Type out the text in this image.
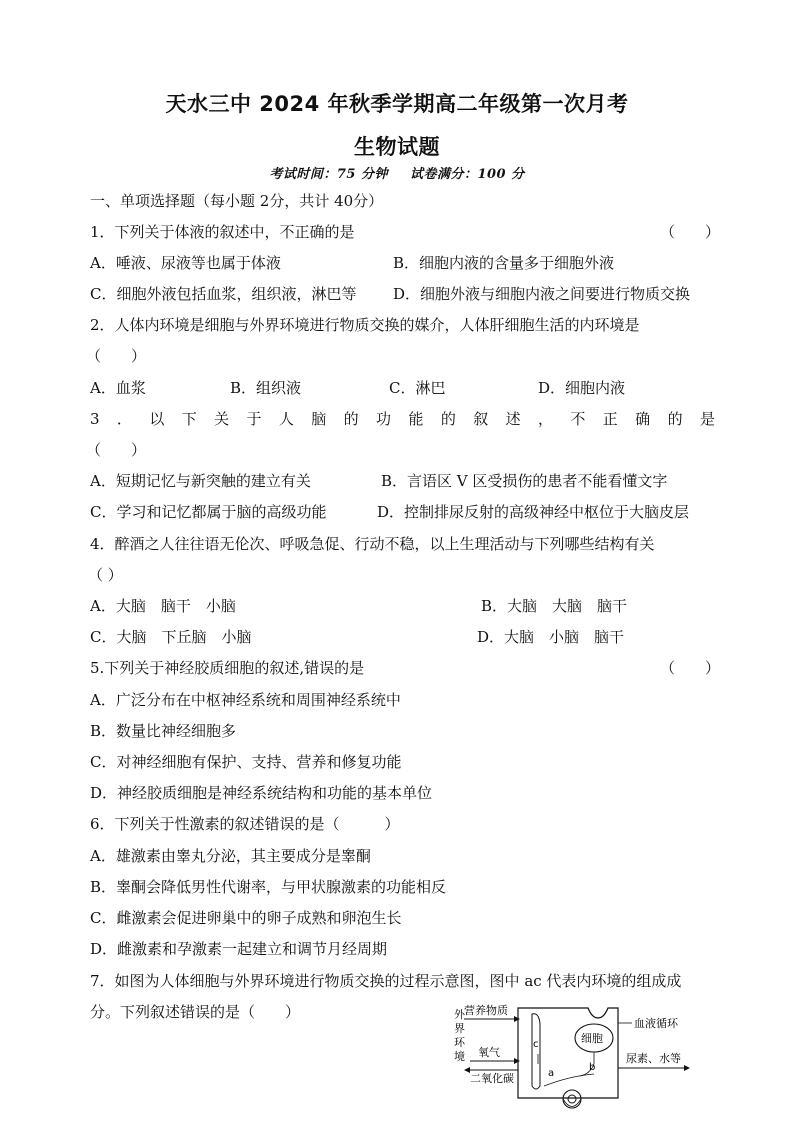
天水三中 2024 年秋季学期高二年级第一次月考
生物试题
考试时间：75 分钟 试卷满分：100 分
一、单项选择题（每小题 2分，共计 40分）
1．下列关于体液的叙述中，不正确的是	（　　）
A．唾液、尿液等也属于体液	B．细胞内液的含量多于细胞外液
C．细胞外液包括血浆，组织液，淋巴等 D．细胞外液与细胞内液之间要进行物质交换
2．人体内环境是细胞与外界环境进行物质交换的媒介，人体肝细胞生活的内环境是
（　　）
A．血浆	B．组织液	C．淋巴	D．细胞内液
3 ． 以 下 关 于 人 脑 的 功 能 的 叙 述 ， 不 正 确 的 是
（　　）
A．短期记忆与新突触的建立有关	B．言语区 V 区受损伤的患者不能看懂文字
C．学习和记忆都属于脑的高级功能	D．控制排尿反射的高级神经中枢位于大脑皮层
4．醉酒之人往往语无伦次、呼吸急促、行动不稳，以上生理活动与下列哪些结构有关
（ ）
A．大脑　脑干　小脑	B．大脑　大脑　脑干
C．大脑　下丘脑　小脑	D．大脑　小脑　脑干
5.下列关于神经胶质细胞的叙述,错误的是	（　　）
A．广泛分布在中枢神经系统和周围神经系统中
B．数量比神经细胞多
C．对神经细胞有保护、支持、营养和修复功能
D．神经胶质细胞是神经系统结构和功能的基本单位
6．下列关于性激素的叙述错误的是（　　　）
A．雄激素由睾丸分泌，其主要成分是睾酮
B．睾酮会降低男性代谢率，与甲状腺激素的功能相反
C．雌激素会促进卵巢中的卵子成熟和卵泡生长
D．雌激素和孕激素一起建立和调节月经周期
7．如图为人体细胞与外界环境进行物质交换的过程示意图，图中 ac 代表内环境的组成成
分。下列叙述错误的是（　　）	外
界
环
境
营养物质
氧气
二氧化碳
c	细胞
b
a
血液循环
尿素、水等
